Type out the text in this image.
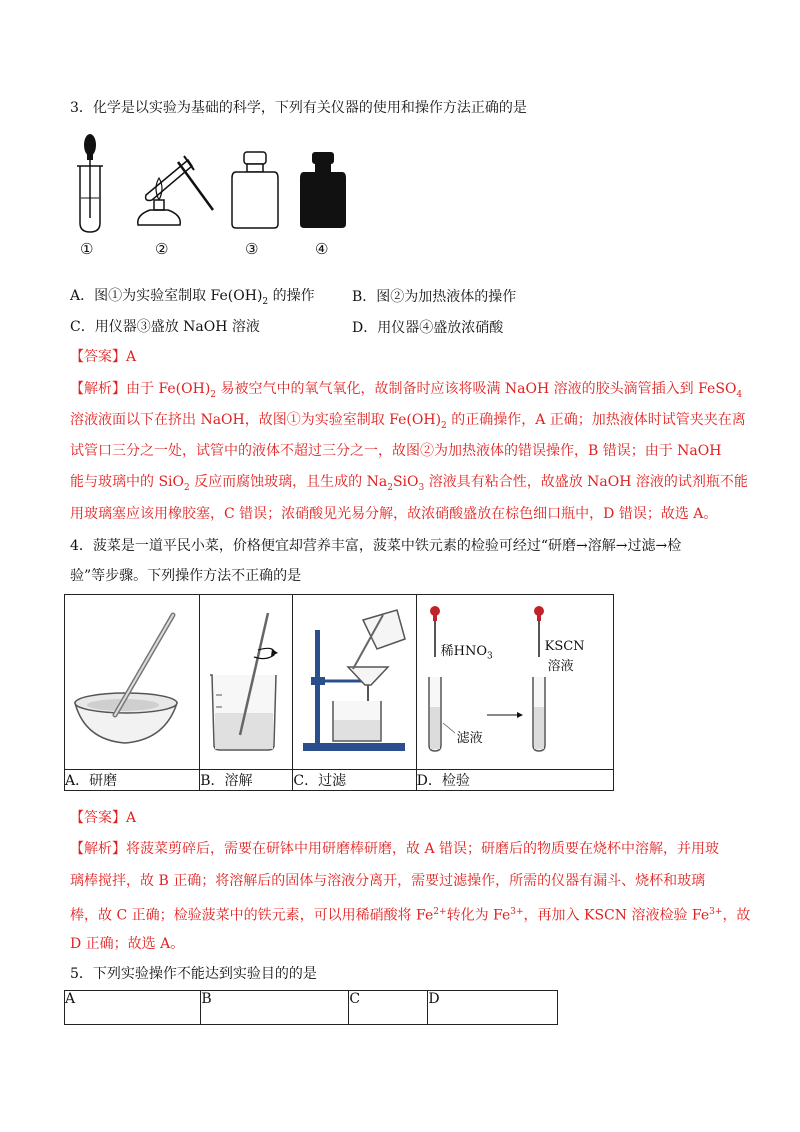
3．化学是以实验为基础的科学，下列有关仪器的使用和操作方法正确的是
①	②	③	④
A．图①为实验室制取 $Fe(OH)_2$ 的操作	B．图②为加热液体的操作
C．用仪器③盛放 NaOH 溶液	D．用仪器④盛放浓硝酸
【答案】A
【解析】由于 $Fe(OH)_2$ 易被空气中的氧气氧化，故制备时应该将吸满 NaOH 溶液的胶头滴管插入到 FeSO$_4$
溶液液面以下在挤出 NaOH，故图①为实验室制取 $Fe(OH)_2$ 的正确操作，A 正确；加热液体时试管夹夹在离
试管口三分之一处，试管中的液体不超过三分之一，故图②为加热液体的错误操作，B 错误；由于 NaOH
能与玻璃中的 SiO$_2$ 反应而腐蚀玻璃，且生成的 $Na_2SiO_3$ 溶液具有粘合性，故盛放 NaOH 溶液的试剂瓶不能
用玻璃塞应该用橡胶塞，C 错误；浓硝酸见光易分解，故浓硝酸盛放在棕色细口瓶中，D 错误；故选 A。
4．菠菜是一道平民小菜，价格便宜却营养丰富，菠菜中铁元素的检验可经过“研磨→溶解→过滤→检
验”等步骤。下列操作方法不正确的是

稀$HNO_3$
KSCN
溶液
滤液

A．研磨	B．溶解	C．过滤	D．检验
【答案】A
【解析】将菠菜剪碎后，需要在研钵中用研磨棒研磨，故 A 错误；研磨后的物质要在烧杯中溶解，并用玻
璃棒搅拌，故 B 正确；将溶解后的固体与溶液分离开，需要过滤操作，所需的仪器有漏斗、烧杯和玻璃
棒，故 C 正确；检验菠菜中的铁元素，可以用稀硝酸将 $Fe^{2+}$转化为 $Fe^{3+}$，再加入 KSCN 溶液检验 $Fe^{3+}$，故
D 正确；故选 A。
5．下列实验操作不能达到实验目的的是
A	B	C	D
